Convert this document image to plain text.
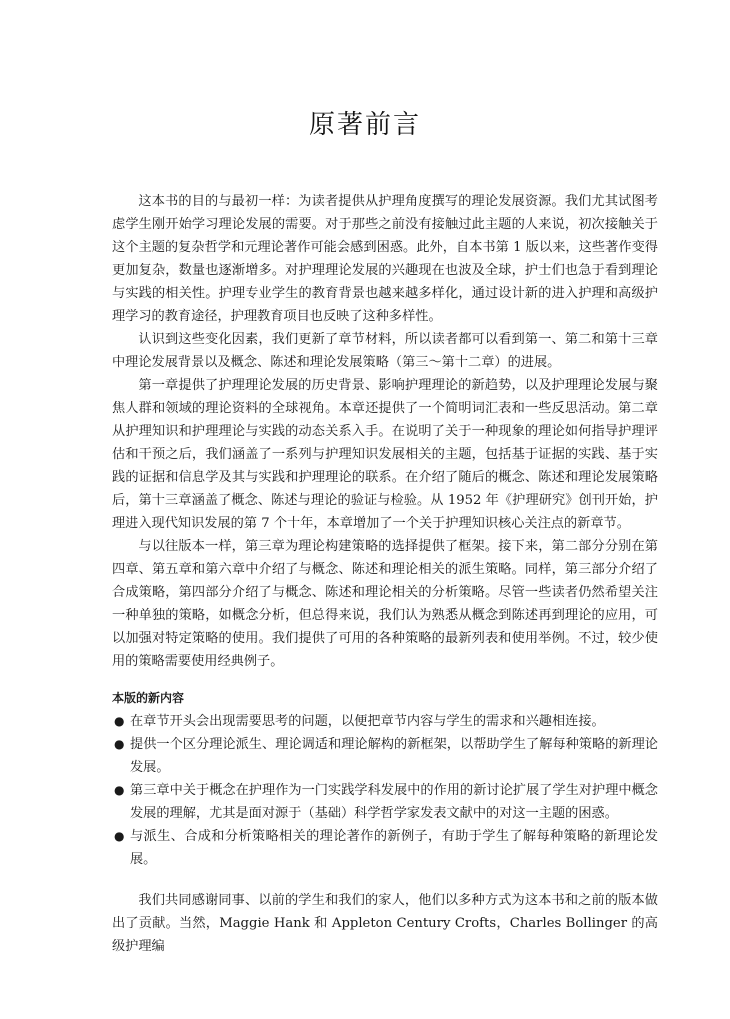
原著前言

这本书的目的与最初一样：为读者提供从护理角度撰写的理论发展资源。我们尤其试图考虑学生刚开始学习理论发展的需要。对于那些之前没有接触过此主题的人来说，初次接触关于这个主题的复杂哲学和元理论著作可能会感到困惑。此外，自本书第 1 版以来，这些著作变得更加复杂，数量也逐渐增多。对护理理论发展的兴趣现在也波及全球，护士们也急于看到理论与实践的相关性。护理专业学生的教育背景也越来越多样化，通过设计新的进入护理和高级护理学习的教育途径，护理教育项目也反映了这种多样性。

认识到这些变化因素，我们更新了章节材料，所以读者都可以看到第一、第二和第十三章中理论发展背景以及概念、陈述和理论发展策略（第三～第十二章）的进展。

第一章提供了护理理论发展的历史背景、影响护理理论的新趋势，以及护理理论发展与聚焦人群和领域的理论资料的全球视角。本章还提供了一个简明词汇表和一些反思活动。第二章从护理知识和护理理论与实践的动态关系入手。在说明了关于一种现象的理论如何指导护理评估和干预之后，我们涵盖了一系列与护理知识发展相关的主题，包括基于证据的实践、基于实践的证据和信息学及其与实践和护理理论的联系。在介绍了随后的概念、陈述和理论发展策略后，第十三章涵盖了概念、陈述与理论的验证与检验。从 1952 年《护理研究》创刊开始，护理进入现代知识发展的第 7 个十年，本章增加了一个关于护理知识核心关注点的新章节。

与以往版本一样，第三章为理论构建策略的选择提供了框架。接下来，第二部分分别在第四章、第五章和第六章中介绍了与概念、陈述和理论相关的派生策略。同样，第三部分介绍了合成策略，第四部分介绍了与概念、陈述和理论相关的分析策略。尽管一些读者仍然希望关注一种单独的策略，如概念分析，但总得来说，我们认为熟悉从概念到陈述再到理论的应用，可以加强对特定策略的使用。我们提供了可用的各种策略的最新列表和使用举例。不过，较少使用的策略需要使用经典例子。

本版的新内容
● 在章节开头会出现需要思考的问题，以便把章节内容与学生的需求和兴趣相连接。
● 提供一个区分理论派生、理论调适和理论解构的新框架，以帮助学生了解每种策略的新理论发展。
● 第三章中关于概念在护理作为一门实践学科发展中的作用的新讨论扩展了学生对护理中概念发展的理解，尤其是面对源于（基础）科学哲学家发表文献中的对这一主题的困惑。
● 与派生、合成和分析策略相关的理论著作的新例子，有助于学生了解每种策略的新理论发展。

我们共同感谢同事、以前的学生和我们的家人，他们以多种方式为这本书和之前的版本做出了贡献。当然，Maggie Hank 和 Appleton Century Crofts，Charles Bollinger 的高级护理编
